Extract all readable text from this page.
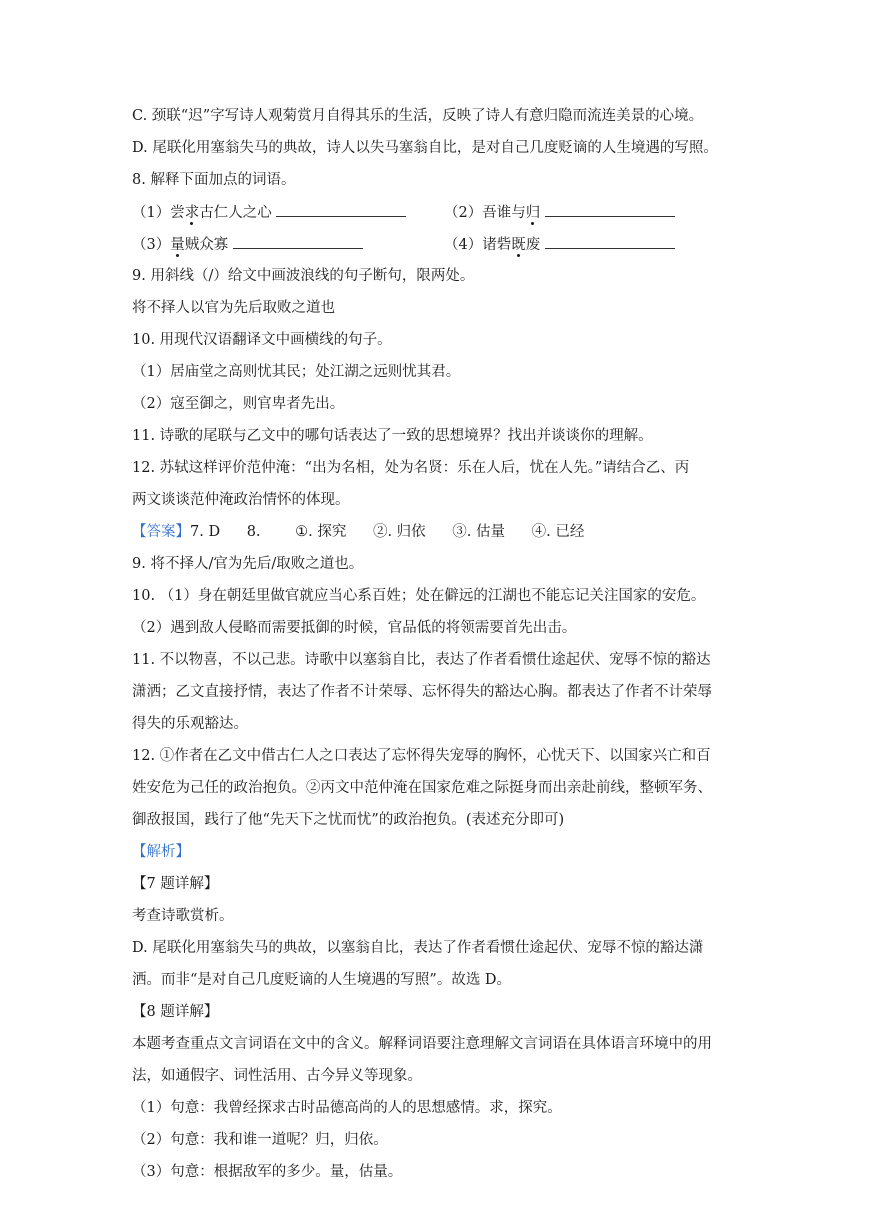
C. 颈联“迟”字写诗人观菊赏月自得其乐的生活，反映了诗人有意归隐而流连美景的心境。
D. 尾联化用塞翁失马的典故，诗人以失马塞翁自比，是对自己几度贬谪的人生境遇的写照。
8. 解释下面加点的词语。
（1）尝求古仁人之心	（2）吾谁与归
（3）量贼众寡	（4）诸砦既废
9. 用斜线（/）给文中画波浪线的句子断句，限两处。
将不择人以官为先后取败之道也
10. 用现代汉语翻译文中画横线的句子。
（1）居庙堂之高则忧其民；处江湖之远则忧其君。
（2）寇至御之，则官卑者先出。
11. 诗歌的尾联与乙文中的哪句话表达了一致的思想境界？找出并谈谈你的理解。
12. 苏轼这样评价范仲淹：“出为名相，处为名贤：乐在人后，忧在人先。”请结合乙、丙
两文谈谈范仲淹政治情怀的体现。
【答案】7. D 8. ①. 探究 ②. 归依 ③. 估量 ④. 已经
9. 将不择人/官为先后/取败之道也。
10. （1）身在朝廷里做官就应当心系百姓；处在僻远的江湖也不能忘记关注国家的安危。
（2）遇到敌人侵略而需要抵御的时候，官品低的将领需要首先出击。
11. 不以物喜，不以己悲。诗歌中以塞翁自比，表达了作者看惯仕途起伏、宠辱不惊的豁达
潇洒；乙文直接抒情，表达了作者不计荣辱、忘怀得失的豁达心胸。都表达了作者不计荣辱
得失的乐观豁达。
12. ①作者在乙文中借古仁人之口表达了忘怀得失宠辱的胸怀，心忧天下、以国家兴亡和百
姓安危为己任的政治抱负。②丙文中范仲淹在国家危难之际挺身而出亲赴前线，整顿军务、
御敌报国，践行了他“先天下之忧而忧”的政治抱负。(表述充分即可)
【解析】
【7 题详解】
考查诗歌赏析。
D. 尾联化用塞翁失马的典故，以塞翁自比，表达了作者看惯仕途起伏、宠辱不惊的豁达潇
洒。而非“是对自己几度贬谪的人生境遇的写照”。故选 D。
【8 题详解】
本题考查重点文言词语在文中的含义。解释词语要注意理解文言词语在具体语言环境中的用
法，如通假字、词性活用、古今异义等现象。
（1）句意：我曾经探求古时品德高尚的人的思想感情。求，探究。
（2）句意：我和谁一道呢？归，归依。
（3）句意：根据敌军的多少。量，估量。
